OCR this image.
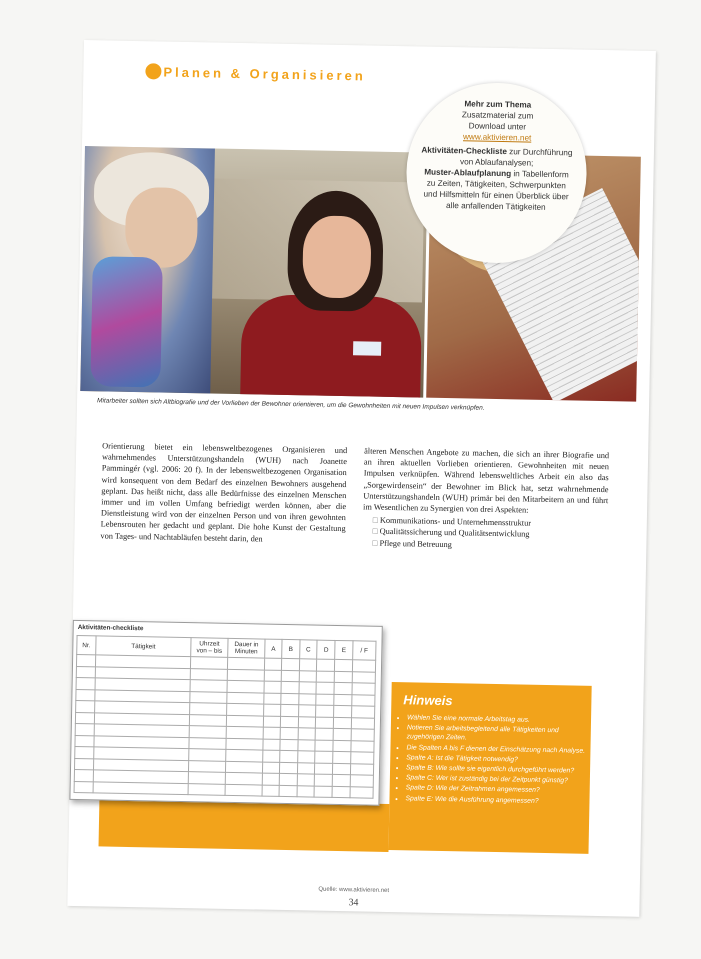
Planen & Organisieren
Mehr zum Thema
Zusatzmaterial zum
Download unter
www.aktivieren.net
Aktivitäten-Checkliste zur Durchführung von Ablaufanalysen;
Muster-Ablaufplanung in Tabellenform zu Zeiten, Tätigkeiten, Schwerpunkten und Hilfsmitteln für einen Überblick über alle anfallenden Tätigkeiten
Mitarbeiter sollten sich Altbiografie und der Vorlieben der Bewohner orientieren, um die Gewohnheiten mit neuen Impulsen verknüpfen.
Orientierung bietet ein lebensweltbezogenes Organisieren und wahrnehmendes Unterstützungshandeln (WUH) nach Joanette Pammingér (vgl. 2006: 20 f). In der lebensweltbezogenen Organisation wird konsequent von dem Bedarf des einzelnen Bewohners ausgehend geplant. Das heißt nicht, dass alle Bedürfnisse des einzelnen Menschen immer und im vollen Umfang befriedigt werden können, aber die Dienstleistung wird von der einzelnen Person und von ihren gewohnten Lebensrouten her gedacht und geplant. Die hohe Kunst der Gestaltung von Tages- und Nachtabläufen besteht darin, den
älteren Menschen Angebote zu machen, die sich an ihrer Biografie und an ihren aktuellen Vorlieben orientieren. Gewohnheiten mit neuen Impulsen verknüpfen. Während lebensweltliches Arbeit ein also das „Sorgewirdensein“ der Bewohner im Blick hat, setzt wahrnehmende Unterstützungshandeln (WUH) primär bei den Mitarbeitern an und führt im Wesentlichen zu Synergien von drei Aspekten:
□ Kommunikations- und Unternehmensstruktur
□ Qualitätssicherung und Qualitätsentwicklung
□ Pflege und Betreuung
Hinweis
• Wählen Sie eine normale Arbeitstag aus.
• Notieren Sie arbeitsbegleitend alle Tätigkeiten und zugehörigen Zeiten.
• Die Spalten A bis F dienen der Einschätzung nach Analyse.
• Spalte A: Ist die Tätigkeit notwendig?
• Spalte B: Wie sollte sie eigentlich durchgeführt werden?
• Spalte C: Wer ist zuständig bei der Zeitpunkt günstig?
• Spalte D: Wie der Zeitrahmen angemessen?
• Spalte E: Wie die Ausführung angemessen?
Aktivitäten-checkliste
Nr.	Tätigkeit	Uhrzeit von – bis	Dauer in Minuten	A	B	C	D	E	/ F

Quelle: www.aktivieren.net
34
